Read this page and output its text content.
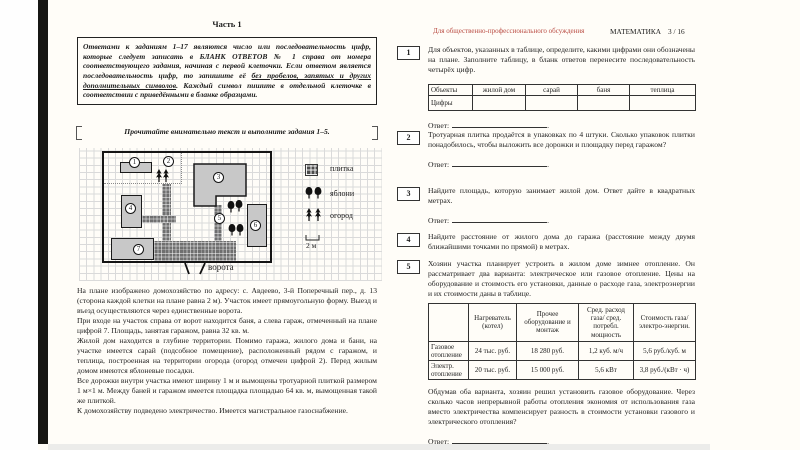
Часть 1
Ответами к заданиям 1–17 являются число или последовательность цифр, которые следует записать в БЛАНК ОТВЕТОВ № 1 справа от номера соответствующего задания, начиная с первой клеточки. Если ответом является последовательность цифр, то запишите её без пробелов, запятых и других дополнительных символов. Каждый символ пишите в отдельной клеточке в соответствии с приведёнными в бланке образцами.
Прочитайте внимательно текст и выполните задания 1–5.
1	2
3
4
5
6
7
ворота
плитка
яблони
огород
2 м

На плане изображено домохозяйство по адресу: с. Авдеево, 3-й Поперечный пер., д. 13 (сторона каждой клетки на плане равна 2 м). Участок имеет прямоугольную форму. Выезд и въезд осуществляются через единственные ворота.

При входе на участок справа от ворот находится баня, а слева гараж, отмеченный на плане цифрой 7. Площадь, занятая гаражом, равна 32 кв. м.

Жилой дом находится в глубине территории. Помимо гаража, жилого дома и бани, на участке имеется сарай (подсобное помещение), расположенный рядом с гаражом, и теплица, построенная на территории огорода (огород отмечен цифрой 2). Перед жилым домом имеются яблоневые посадки.

Все дорожки внутри участка имеют ширину 1 м и вымощены тротуарной плиткой размером 1 м×1 м. Между баней и гаражом имеется площадка площадью 64 кв. м, вымощенная такой же плиткой.

К домохозяйству подведено электричество. Имеется магистральное газоснабжение.

Для общественно-профессионального обсуждения	МАТЕМАТИКА 3 / 16
1	Для объектов, указанных в таблице, определите, какими цифрами они обозначены на плане. Заполните таблицу, в бланк ответов перенесите последовательность четырёх цифр.
Объекты	жилой дом	сарай	баня	теплица
Цифры				
Ответ:	.
2	Тротуарная плитка продаётся в упаковках по 4 штуки. Сколько упаковок плитки понадобилось, чтобы выложить все дорожки и площадку перед гаражом?
Ответ:	.
3	Найдите площадь, которую занимает жилой дом. Ответ дайте в квадратных метрах.
Ответ:	.
4	Найдите расстояние от жилого дома до гаража (расстояние между двумя ближайшими точками по прямой) в метрах.
5	Хозяин участка планирует устроить в жилом доме зимнее отопление. Он рассматривает два варианта: электрическое или газовое отопление. Цены на оборудование и стоимость его установки, данные о расходе газа, электроэнергии и их стоимости даны в таблице.
	Нагреватель (котел)	Прочее оборудование и монтаж	Сред. расход газа/ сред. потребл. мощность	Стоимость газа/электро-энергии.
Газовое отопление	24 тыс. руб.	18 280 руб.	1,2 куб. м/ч	5,6 руб./куб. м
Электр. отопление	20 тыс. руб.	15 000 руб.	5,6 кВт	3,8 руб./(кВт · ч)
Обдумав оба варианта, хозяин решил установить газовое оборудование. Через сколько часов непрерывной работы отопления экономия от использования газа вместо электричества компенсирует разность в стоимости установки газового и электрического отопления?
Ответ:	.
